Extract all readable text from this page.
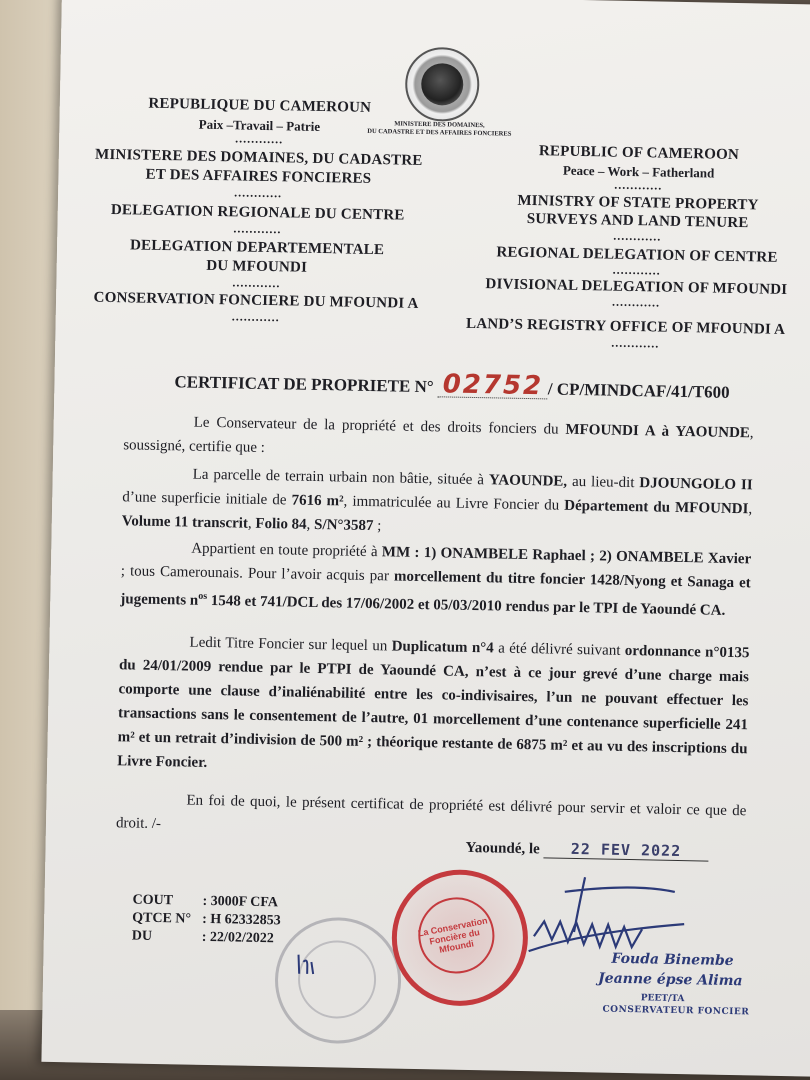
REPUBLIQUE DU CAMEROUN
Paix –Travail – Patrie
............
MINISTERE DES DOMAINES, DU CADASTRE
ET DES AFFAIRES FONCIERES
............
DELEGATION REGIONALE DU CENTRE
............
DELEGATION DEPARTEMENTALE
DU MFOUNDI
............
CONSERVATION FONCIERE DU MFOUNDI A
............
MINISTERE DES DOMAINES,
DU CADASTRE ET DES AFFAIRES FONCIERES
REPUBLIC OF CAMEROON
Peace – Work – Fatherland
............
MINISTRY OF STATE PROPERTY
SURVEYS AND LAND TENURE
............
REGIONAL DELEGATION OF CENTRE
............
DIVISIONAL DELEGATION OF MFOUNDI
............
LAND’S REGISTRY OFFICE OF MFOUNDI A
............
CERTIFICAT DE PROPRIETE N° 02752 / CP/MINDCAF/41/T600
Le Conservateur de la propriété et des droits fonciers du MFOUNDI A à YAOUNDE, soussigné, certifie que :
La parcelle de terrain urbain non bâtie, située à YAOUNDE, au lieu-dit DJOUNGOLO II d’une superficie initiale de 7616 m², immatriculée au Livre Foncier du Département du MFOUNDI, Volume 11 transcrit, Folio 84, S/N°3587 ;
Appartient en toute propriété à MM : 1) ONAMBELE Raphael ; 2) ONAMBELE Xavier ; tous Camerounais. Pour l’avoir acquis par morcellement du titre foncier 1428/Nyong et Sanaga et jugements $n^{os}$ 1548 et 741/DCL des 17/06/2002 et 05/03/2010 rendus par le TPI de Yaoundé CA.
Ledit Titre Foncier sur lequel un Duplicatum n°4 a été délivré suivant ordonnance n°0135 du 24/01/2009 rendue par le PTPI de Yaoundé CA, n’est à ce jour grevé d’une charge mais comporte une clause d’inaliénabilité entre les co-indivisaires, l’un ne pouvant effectuer les transactions sans le consentement de l’autre, 01 morcellement d’une contenance superficielle 241 m² et un retrait d’indivision de 500 m² ; théorique restante de 6875 m² et au vu des inscriptions du Livre Foncier.
En foi de quoi, le présent certificat de propriété est délivré pour servir et valoir ce que de droit. /-
Yaoundé, le 22 FEV 2022
COUT : 3000F CFA
QTCE N° : H 62332853
DU	: 22/02/2022	La Conservation Foncière du Mfoundi
Fouda Binembe
Jeanne épse Alima
PEET/TA
CONSERVATEUR FONCIER
